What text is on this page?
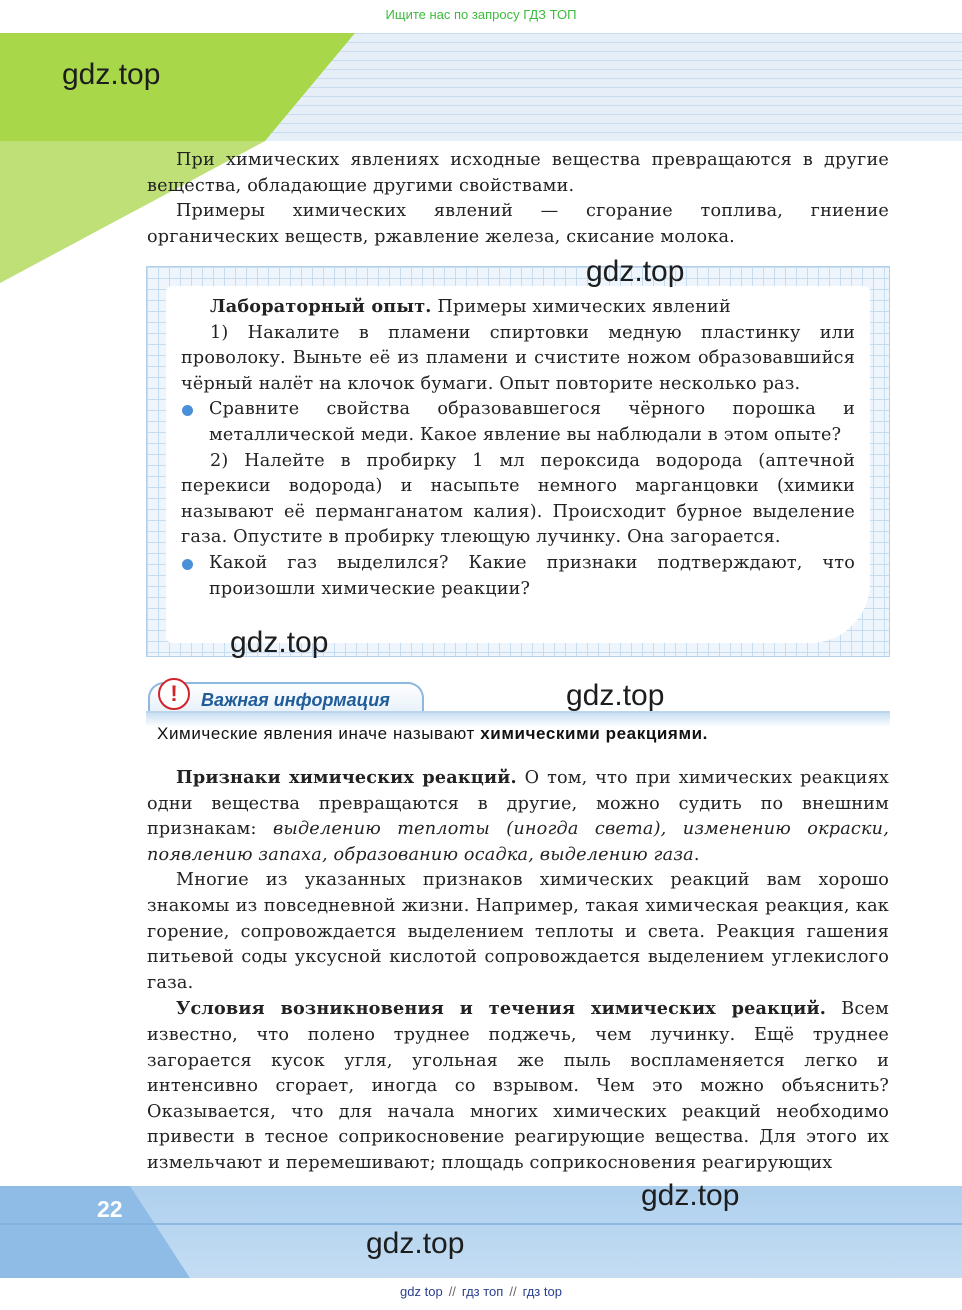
Ищите нас по запросу ГДЗ ТОП
gdz.top

При химических явлениях исходные вещества превращаются в другие вещества, обладающие другими свойствами.

Примеры химических явлений — сгорание топлива, гниение органических веществ, ржавление железа, скисание молока.

gdz.top

Лабораторный опыт. Примеры химических явлений

1) Накалите в пламени спиртовки медную пластинку или проволоку. Выньте её из пламени и счистите ножом образовавшийся чёрный налёт на клочок бумаги. Опыт повторите несколько раз.

Сравните свойства образовавшегося чёрного порошка и металлической меди. Какое явление вы наблюдали в этом опыте?

2) Налейте в пробирку 1 мл пероксида водорода (аптечной перекиси водорода) и насыпьте немного марганцовки (химики называют её перманганатом калия). Происходит бурное выделение газа. Опустите в пробирку тлеющую лучинку. Она загорается.

Какой газ выделился? Какие признаки подтверждают, что произошли химические реакции?

gdz.top
!	Важная информация	gdz.top
Химические явления иначе называют химическими реакциями.

Признаки химических реакций. О том, что при химических реакциях одни вещества превращаются в другие, можно судить по внешним признакам: выделению теплоты (иногда света), изменению окраски, появлению запаха, образованию осадка, выделению газа.

Многие из указанных признаков химических реакций вам хорошо знакомы из повседневной жизни. Например, такая химическая реакция, как горение, сопровождается выделением теплоты и света. Реакция гашения питьевой соды уксусной кислотой сопровождается выделением углекислого газа.

Условия возникновения и течения химических реакций. Всем известно, что полено труднее поджечь, чем лучинку. Ещё труднее загорается кусок угля, угольная же пыль воспламеняется легко и интенсивно сгорает, иногда со взрывом. Чем это можно объяснить? Оказывается, что для начала многих химических реакций необходимо привести в тесное соприкосновение реагирующие вещества. Для этого их измельчают и перемешивают; площадь соприкосновения реагирующих

22	gdz.top
gdz.top
gdz top // гдз топ // гдз top
